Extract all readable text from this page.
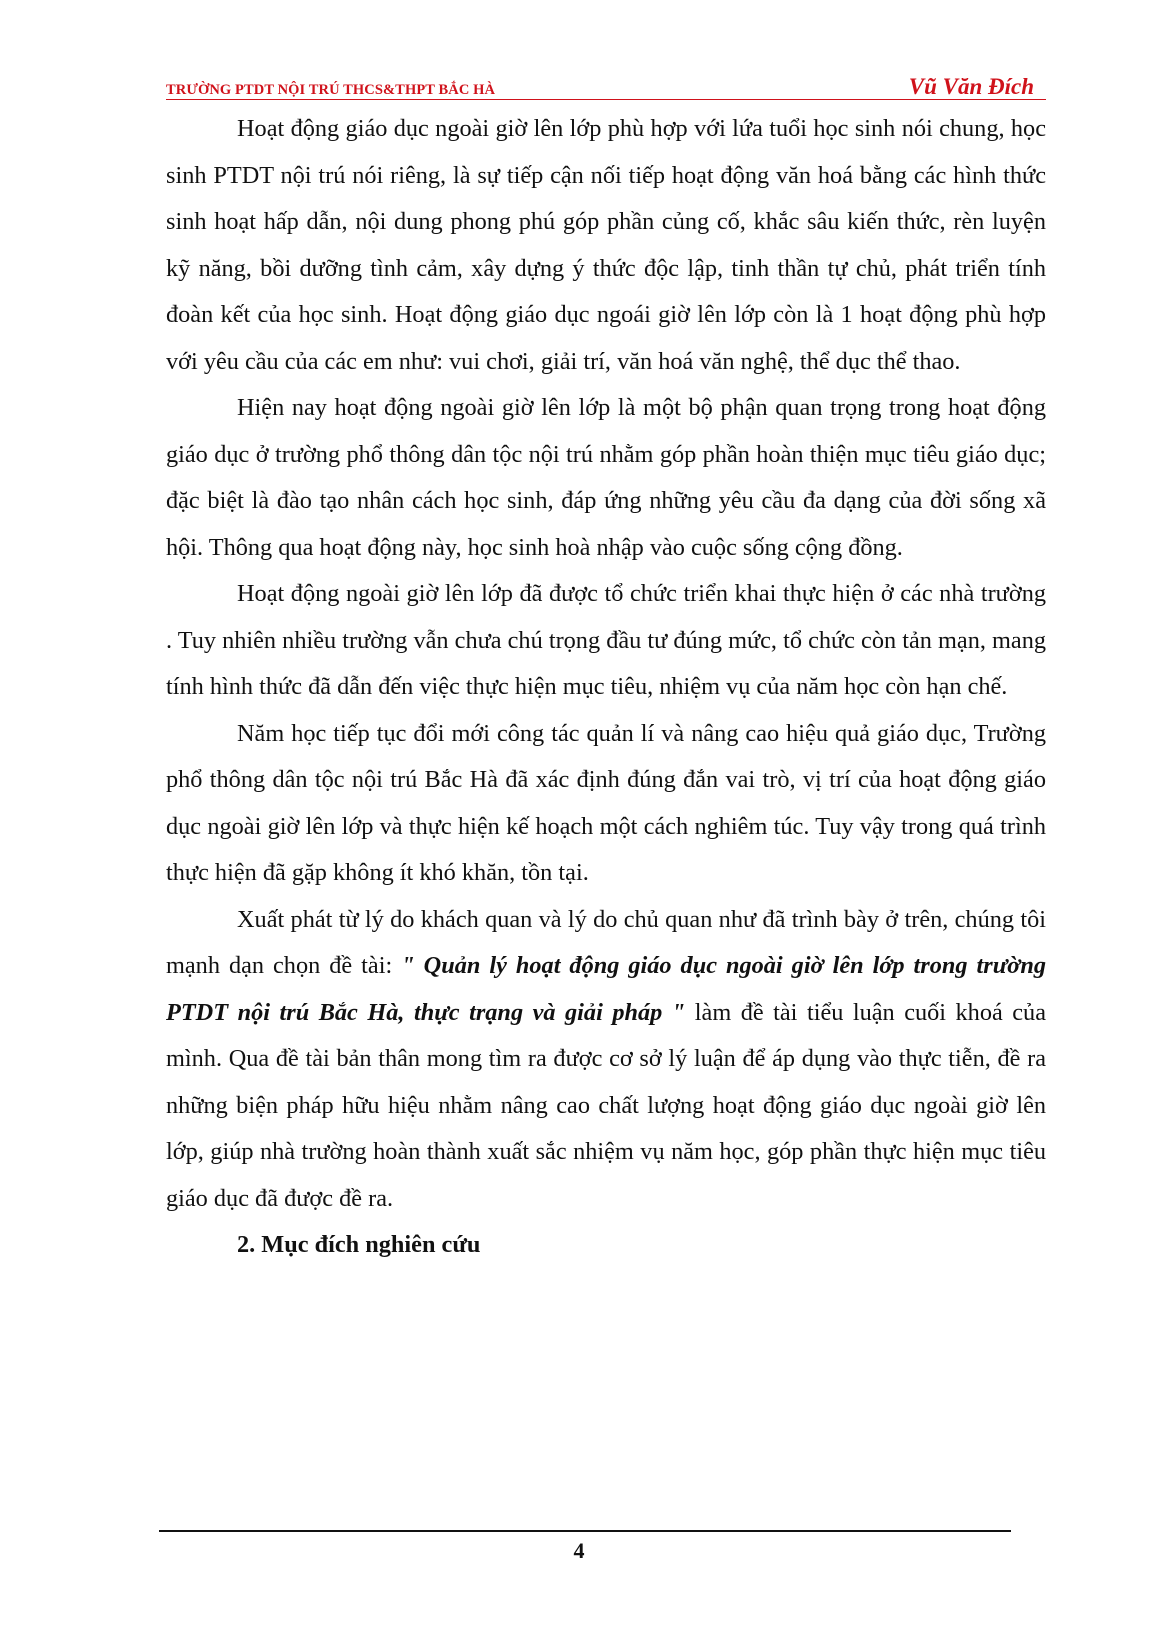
TRƯỜNG PTDT NỘI TRÚ THCS&THPT BẮC HÀ	Vũ Văn Đích

Hoạt động giáo dục ngoài giờ lên lớp phù hợp với lứa tuổi học sinh nói chung, học sinh PTDT nội trú nói riêng, là sự tiếp cận nối tiếp hoạt động văn hoá bằng các hình thức sinh hoạt hấp dẫn, nội dung phong phú góp phần củng cố, khắc sâu kiến thức, rèn luyện kỹ năng, bồi dưỡng tình cảm, xây dựng ý thức độc lập, tinh thần tự chủ, phát triển tính đoàn kết của học sinh. Hoạt động giáo dục ngoái giờ lên lớp còn là 1 hoạt động phù hợp với yêu cầu của các em như: vui chơi, giải trí, văn hoá văn nghệ, thể dục thể thao.

Hiện nay hoạt động ngoài giờ lên lớp là một bộ phận quan trọng trong hoạt động giáo dục ở trường phổ thông dân tộc nội trú nhằm góp phần hoàn thiện mục tiêu giáo dục; đặc biệt là đào tạo nhân cách học sinh, đáp ứng những yêu cầu đa dạng của đời sống xã hội. Thông qua hoạt động này, học sinh hoà nhập vào cuộc sống cộng đồng.

Hoạt động ngoài giờ lên lớp đã được tổ chức triển khai thực hiện ở các nhà trường . Tuy nhiên nhiều trường vẫn chưa chú trọng đầu tư đúng mức, tổ chức còn tản mạn, mang tính hình thức đã dẫn đến việc thực hiện mục tiêu, nhiệm vụ của năm học còn hạn chế.

Năm học tiếp tục đổi mới công tác quản lí và nâng cao hiệu quả giáo dục, Trường phổ thông dân tộc nội trú Bắc Hà đã xác định đúng đắn vai trò, vị trí của hoạt động giáo dục ngoài giờ lên lớp và thực hiện kế hoạch một cách nghiêm túc. Tuy vậy trong quá trình thực hiện đã gặp không ít khó khăn, tồn tại.

Xuất phát từ lý do khách quan và lý do chủ quan như đã trình bày ở trên, chúng tôi mạnh dạn chọn đề tài: " Quản lý hoạt động giáo dục ngoài giờ lên lớp trong trường PTDT nội trú Bắc Hà, thực trạng và giải pháp " làm đề tài tiểu luận cuối khoá của mình. Qua đề tài bản thân mong tìm ra được cơ sở lý luận để áp dụng vào thực tiễn, đề ra những biện pháp hữu hiệu nhằm nâng cao chất lượng hoạt động giáo dục ngoài giờ lên lớp, giúp nhà trường hoàn thành xuất sắc nhiệm vụ năm học, góp phần thực hiện mục tiêu giáo dục đã được đề ra.

2. Mục đích nghiên cứu

4
